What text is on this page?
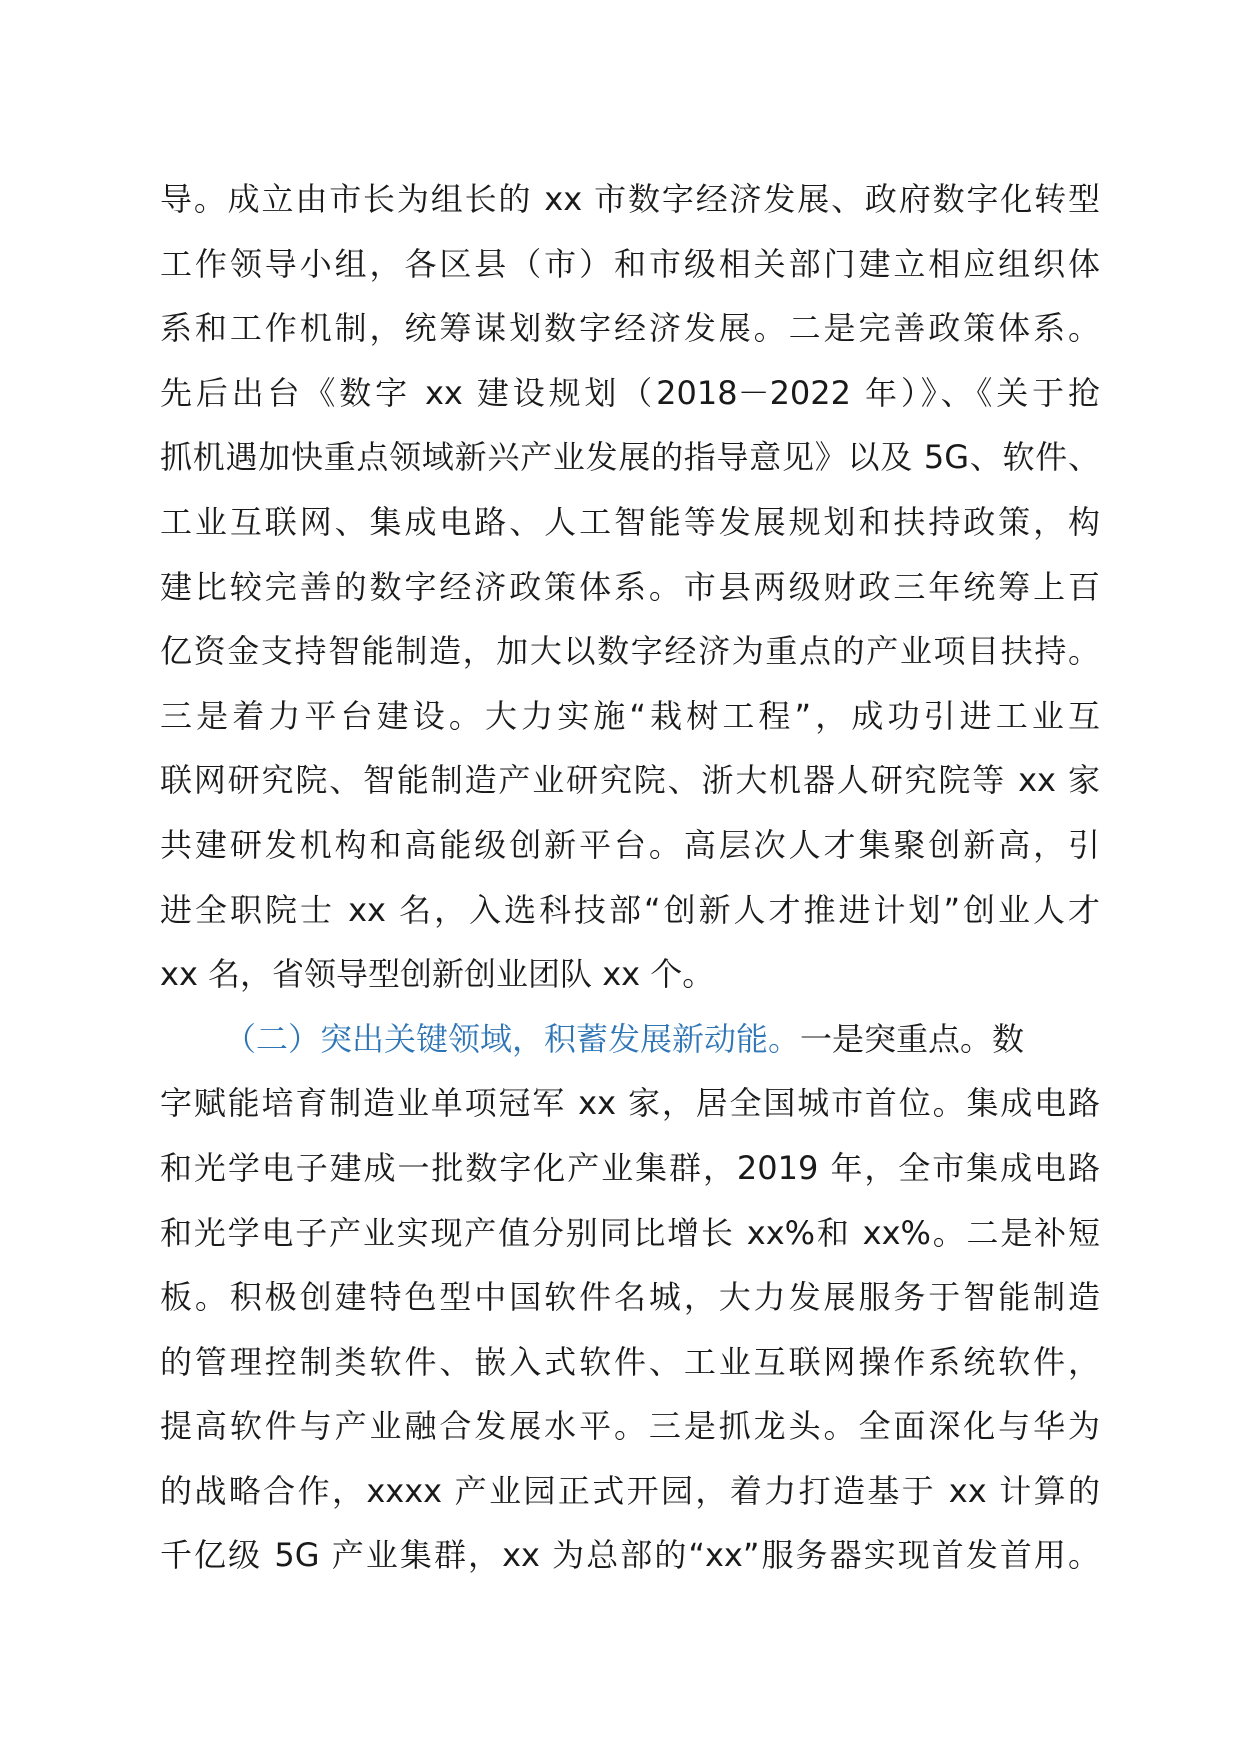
导。成立由市长为组长的 xx 市数字经济发展、政府数字化转型
工作领导小组，各区县（市）和市级相关部门建立相应组织体
系和工作机制，统筹谋划数字经济发展。二是完善政策体系。
先后出台《数字 xx 建设规划（2018－2022 年）》、《关于抢
抓机遇加快重点领域新兴产业发展的指导意见》以及 5G、软件、
工业互联网、集成电路、人工智能等发展规划和扶持政策，构
建比较完善的数字经济政策体系。市县两级财政三年统筹上百
亿资金支持智能制造，加大以数字经济为重点的产业项目扶持。
三是着力平台建设。大力实施“栽树工程”，成功引进工业互
联网研究院、智能制造产业研究院、浙大机器人研究院等 xx 家
共建研发机构和高能级创新平台。高层次人才集聚创新高，引
进全职院士 xx 名，入选科技部“创新人才推进计划”创业人才
xx 名，省领导型创新创业团队 xx 个。
（二）突出关键领域，积蓄发展新动能。一是突重点。数
字赋能培育制造业单项冠军 xx 家，居全国城市首位。集成电路
和光学电子建成一批数字化产业集群，2019 年，全市集成电路
和光学电子产业实现产值分别同比增长 xx%和 xx%。二是补短
板。积极创建特色型中国软件名城，大力发展服务于智能制造
的管理控制类软件、嵌入式软件、工业互联网操作系统软件，
提高软件与产业融合发展水平。三是抓龙头。全面深化与华为
的战略合作，xxxx 产业园正式开园，着力打造基于 xx 计算的
千亿级 5G 产业集群，xx 为总部的“xx”服务器实现首发首用。
